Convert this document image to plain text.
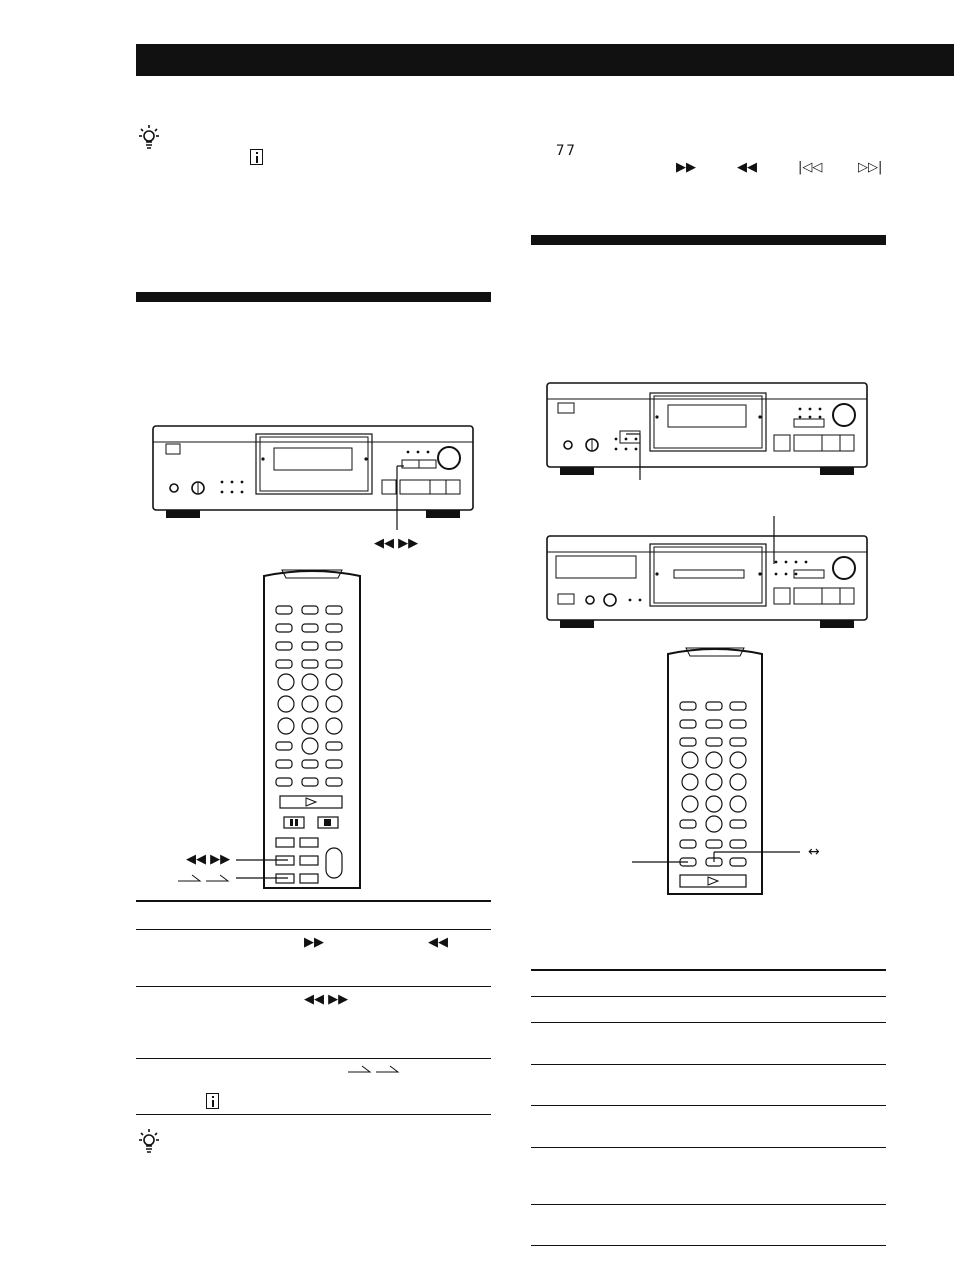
77
▶▶	◀◀	|◁◁	▷▷|
◀◀ ▶▶
◀◀ ▶▶
▶▶	◀◀
◀◀ ▶▶
↔
